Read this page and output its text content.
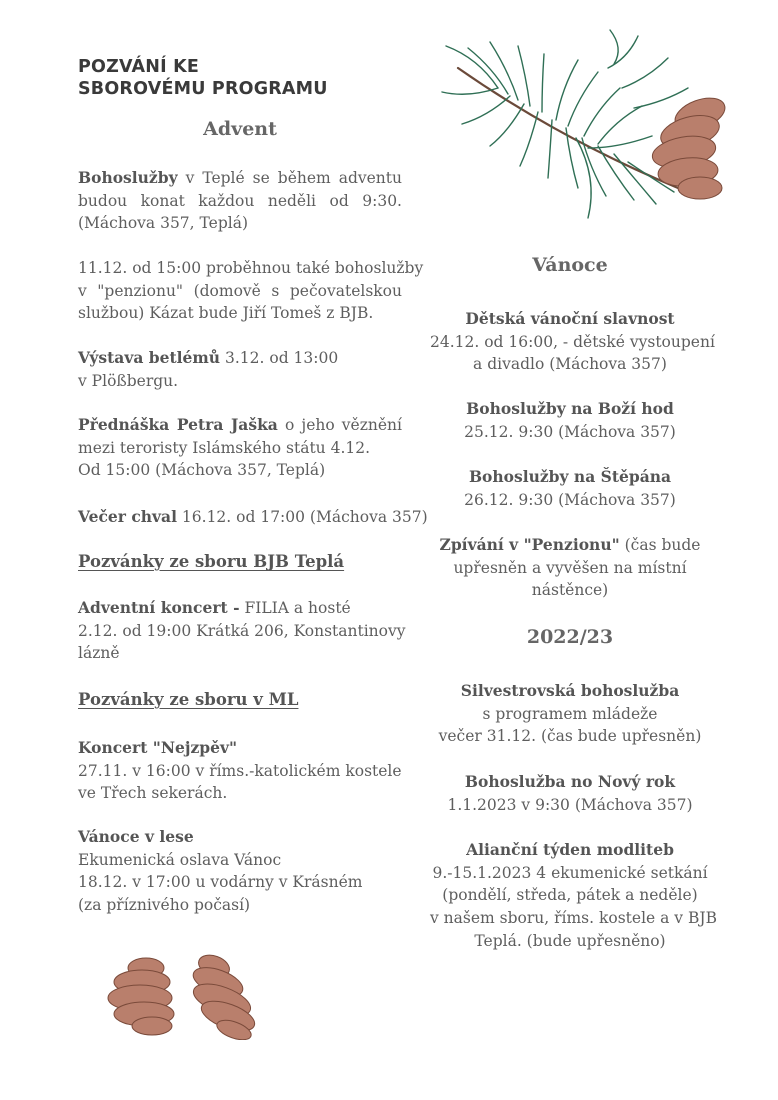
POZVÁNÍ KE
SBOROVÉMU PROGRAMU
Advent
Bohoslužby v Teplé se během adventu
budou konat každou neděli od 9:30.
(Máchova 357, Teplá)
11.12. od 15:00 proběhnou také bohoslužby
v "penzionu" (domově s pečovatelskou
službou) Kázat bude Jiří Tomeš z BJB.
Výstava betlémů 3.12. od 13:00
v Plößbergu.
Přednáška Petra Jaška o jeho věznění
mezi teroristy Islámského státu 4.12.
Od 15:00 (Máchova 357, Teplá)
Večer chval 16.12. od 17:00 (Máchova 357)
Pozvánky ze sboru BJB Teplá
Adventní koncert - FILIA a hosté
2.12. od 19:00 Krátká 206, Konstantinovy
lázně
Pozvánky ze sboru v ML
Koncert "Nejzpěv"
27.11. v 16:00 v říms.-katolickém kostele
ve Třech sekerách.
Vánoce v lese
Ekumenická oslava Vánoc
18.12. v 17:00 u vodárny v Krásném
(za příznivého počasí)
Vánoce
Dětská vánoční slavnost
24.12. od 16:00, - dětské vystoupení
a divadlo (Máchova 357)
Bohoslužby na Boží hod
25.12. 9:30 (Máchova 357)
Bohoslužby na Štěpána
26.12. 9:30 (Máchova 357)
Zpívání v "Penzionu" (čas bude
upřesněn a vyvěšen na místní
nástěnce)
2022/23
Silvestrovská bohoslužba
s programem mládeže
večer 31.12. (čas bude upřesněn)
Bohoslužba no Nový rok
1.1.2023 v 9:30 (Máchova 357)
Alianční týden modliteb
9.-15.1.2023 4 ekumenické setkání
(pondělí, středa, pátek a neděle)
v našem sboru, říms. kostele a v BJB
Teplá. (bude upřesněno)
